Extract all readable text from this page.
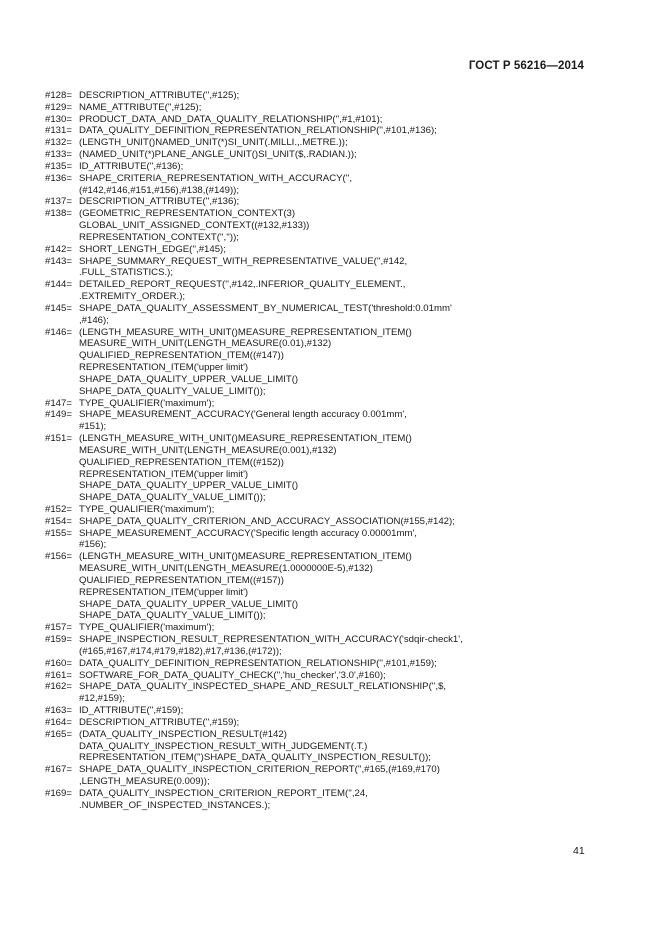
ГОСТ Р 56216—2014
#128= DESCRIPTION_ATTRIBUTE('',#125);
#129= NAME_ATTRIBUTE('',#125);
#130= PRODUCT_DATA_AND_DATA_QUALITY_RELATIONSHIP('',#1,#101);
#131= DATA_QUALITY_DEFINITION_REPRESENTATION_RELATIONSHIP('',#101,#136);
#132= (LENGTH_UNIT()NAMED_UNIT(*)SI_UNIT(.MILLI.,.METRE.));
#133= (NAMED_UNIT(*)PLANE_ANGLE_UNIT()SI_UNIT($,.RADIAN.));
#135= ID_ATTRIBUTE('',#136);
#136= SHAPE_CRITERIA_REPRESENTATION_WITH_ACCURACY('',
(#142,#146,#151,#156),#138,(#149));
#137= DESCRIPTION_ATTRIBUTE('',#136);
#138= (GEOMETRIC_REPRESENTATION_CONTEXT(3)
GLOBAL_UNIT_ASSIGNED_CONTEXT((#132,#133))
REPRESENTATION_CONTEXT('',''));
#142= SHORT_LENGTH_EDGE('',#145);
#143= SHAPE_SUMMARY_REQUEST_WITH_REPRESENTATIVE_VALUE('',#142,
.FULL_STATISTICS.);
#144= DETAILED_REPORT_REQUEST('',#142,.INFERIOR_QUALITY_ELEMENT.,
.EXTREMITY_ORDER.);
#145= SHAPE_DATA_QUALITY_ASSESSMENT_BY_NUMERICAL_TEST('threshold:0.01mm'
,#146);
#146= (LENGTH_MEASURE_WITH_UNIT()MEASURE_REPRESENTATION_ITEM()
MEASURE_WITH_UNIT(LENGTH_MEASURE(0.01),#132)
QUALIFIED_REPRESENTATION_ITEM((#147))
REPRESENTATION_ITEM('upper limit')
SHAPE_DATA_QUALITY_UPPER_VALUE_LIMIT()
SHAPE_DATA_QUALITY_VALUE_LIMIT());
#147= TYPE_QUALIFIER('maximum');
#149= SHAPE_MEASUREMENT_ACCURACY('General length accuracy 0.001mm',
#151);
#151= (LENGTH_MEASURE_WITH_UNIT()MEASURE_REPRESENTATION_ITEM()
MEASURE_WITH_UNIT(LENGTH_MEASURE(0.001),#132)
QUALIFIED_REPRESENTATION_ITEM((#152))
REPRESENTATION_ITEM('upper limit')
SHAPE_DATA_QUALITY_UPPER_VALUE_LIMIT()
SHAPE_DATA_QUALITY_VALUE_LIMIT());
#152= TYPE_QUALIFIER('maximum');
#154= SHAPE_DATA_QUALITY_CRITERION_AND_ACCURACY_ASSOCIATION(#155,#142);
#155= SHAPE_MEASUREMENT_ACCURACY('Specific length accuracy 0.00001mm',
#156);
#156= (LENGTH_MEASURE_WITH_UNIT()MEASURE_REPRESENTATION_ITEM()
MEASURE_WITH_UNIT(LENGTH_MEASURE(1.0000000E-5),#132)
QUALIFIED_REPRESENTATION_ITEM((#157))
REPRESENTATION_ITEM('upper limit')
SHAPE_DATA_QUALITY_UPPER_VALUE_LIMIT()
SHAPE_DATA_QUALITY_VALUE_LIMIT());
#157= TYPE_QUALIFIER('maximum');
#159= SHAPE_INSPECTION_RESULT_REPRESENTATION_WITH_ACCURACY('sdqir-check1',
(#165,#167,#174,#179,#182),#17,#136,(#172));
#160= DATA_QUALITY_DEFINITION_REPRESENTATION_RELATIONSHIP('',#101,#159);
#161= SOFTWARE_FOR_DATA_QUALITY_CHECK('','hu_checker','3.0',#160);
#162= SHAPE_DATA_QUALITY_INSPECTED_SHAPE_AND_RESULT_RELATIONSHIP('',$,
#12,#159);
#163= ID_ATTRIBUTE('',#159);
#164= DESCRIPTION_ATTRIBUTE('',#159);
#165= (DATA_QUALITY_INSPECTION_RESULT(#142)
DATA_QUALITY_INSPECTION_RESULT_WITH_JUDGEMENT(.T.)
REPRESENTATION_ITEM('')SHAPE_DATA_QUALITY_INSPECTION_RESULT());
#167= SHAPE_DATA_QUALITY_INSPECTION_CRITERION_REPORT('',#165,(#169,#170)
,LENGTH_MEASURE(0.009));
#169= DATA_QUALITY_INSPECTION_CRITERION_REPORT_ITEM('',24,
.NUMBER_OF_INSPECTED_INSTANCES.);
41
